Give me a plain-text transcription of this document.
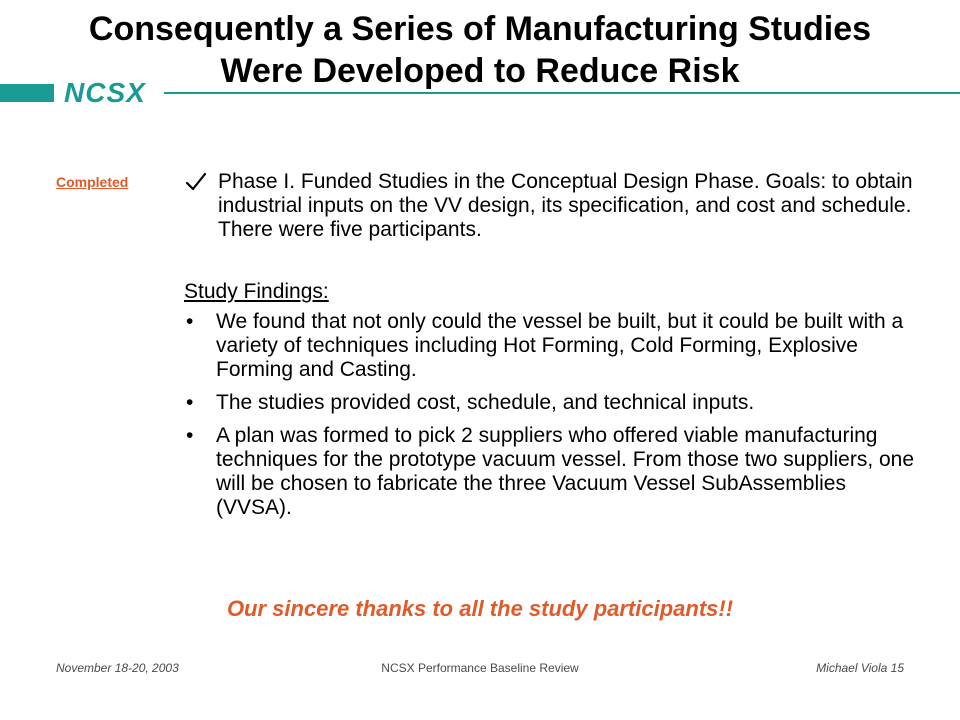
Consequently a Series of Manufacturing Studies
Were Developed to Reduce Risk
NCSX
Completed	Phase I. Funded Studies in the Conceptual Design Phase. Goals: to obtain industrial inputs on the VV design, its specification, and cost and schedule. There were five participants.
Study Findings:
• We found that not only could the vessel be built, but it could be built with a variety of techniques including Hot Forming, Cold Forming, Explosive Forming and Casting.
• The studies provided cost, schedule, and technical inputs.
• A plan was formed to pick 2 suppliers who offered viable manufacturing techniques for the prototype vacuum vessel. From those two suppliers, one will be chosen to fabricate the three Vacuum Vessel SubAssemblies (VVSA).
Our sincere thanks to all the study participants!!
NCSX Performance Baseline Review
November 18-20, 2003	Michael Viola 15
